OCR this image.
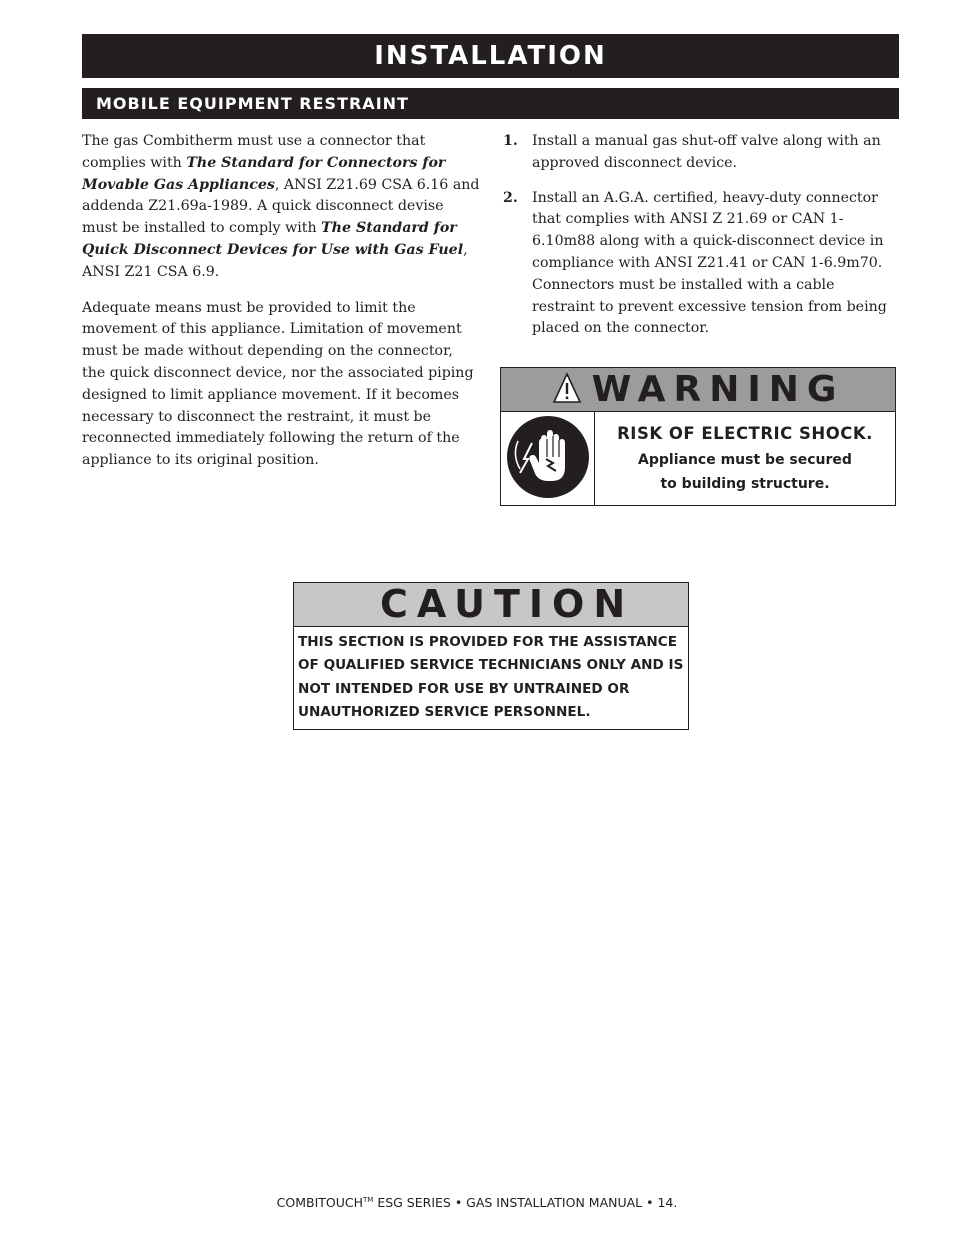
INSTALLATION
MOBILE EQUIPMENT RESTRAINT

The gas Combitherm must use a connector that complies with The Standard for Connectors for Movable Gas Appliances, ANSI Z21.69 CSA 6.16 and addenda Z21.69a-1989. A quick disconnect devise must be installed to comply with The Standard for Quick Disconnect Devices for Use with Gas Fuel, ANSI Z21 CSA 6.9.

Adequate means must be provided to limit the movement of this appliance. Limitation of movement must be made without depending on the connector, the quick disconnect device, nor the associated piping designed to limit appliance movement. If it becomes necessary to disconnect the restraint, it must be reconnected immediately following the return of the appliance to its original position.

1. Install a manual gas shut-off valve along with an approved disconnect device.
2. Install an A.G.A. certified, heavy-duty connector that complies with ANSI Z 21.69 or CAN 1-6.10m88 along with a quick-disconnect device in compliance with ANSI Z21.41 or CAN 1-6.9m70. Connectors must be installed with a cable restraint to prevent excessive tension from being placed on the connector.
WARNING
RISK OF ELECTRIC SHOCK.
Appliance must be secured
to building structure.
CAUTION
THIS SECTION IS PROVIDED FOR THE ASSISTANCE OF QUALIFIED SERVICE TECHNICIANS ONLY AND IS NOT INTENDED FOR USE BY UNTRAINED OR UNAUTHORIZED SERVICE PERSONNEL.
COMBITOUCH™ ESG SERIES • GAS INSTALLATION MANUAL • 14.
